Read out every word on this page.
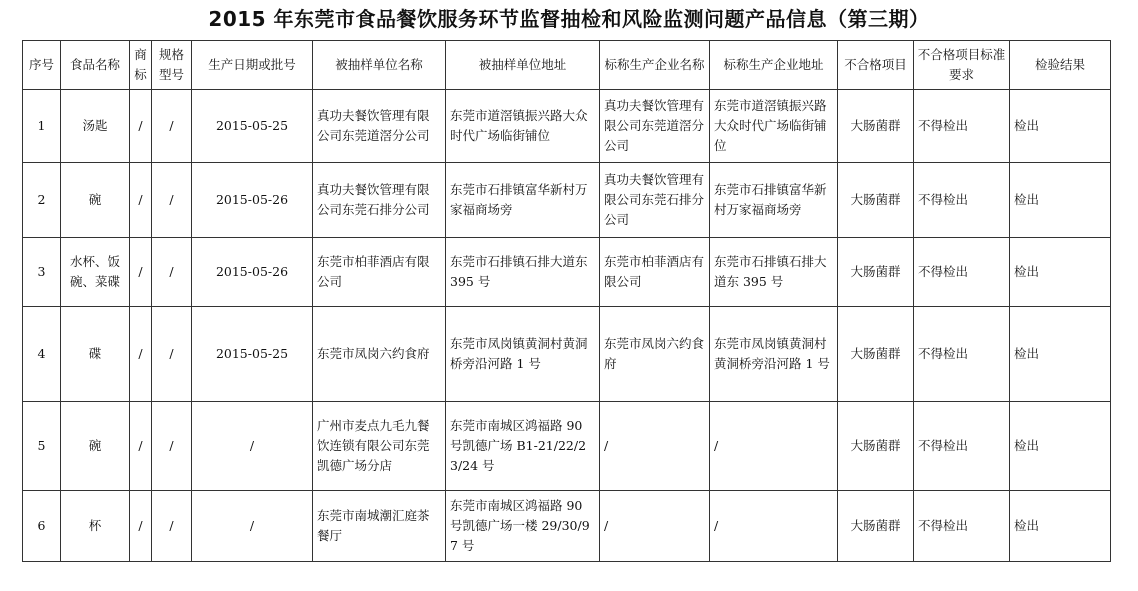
2015 年东莞市食品餐饮服务环节监督抽检和风险监测问题产品信息（第三期）
序号	食品名称	商标	规格型号	生产日期或批号	被抽样单位名称	被抽样单位地址	标称生产企业名称	标称生产企业地址	不合格项目	不合格项目标准要求	检验结果
1	汤匙	/	/	2015-05-25	真功夫餐饮管理有限公司东莞道滘分公司	东莞市道滘镇振兴路大众时代广场临街铺位	真功夫餐饮管理有限公司东莞道滘分公司	东莞市道滘镇振兴路大众时代广场临街铺位	大肠菌群	不得检出	检出
2	碗	/	/	2015-05-26	真功夫餐饮管理有限公司东莞石排分公司	东莞市石排镇富华新村万家福商场旁	真功夫餐饮管理有限公司东莞石排分公司	东莞市石排镇富华新村万家福商场旁	大肠菌群	不得检出	检出
3	水杯、饭碗、菜碟	/	/	2015-05-26	东莞市柏菲酒店有限公司	东莞市石排镇石排大道东 395 号	东莞市柏菲酒店有限公司	东莞市石排镇石排大道东 395 号	大肠菌群	不得检出	检出
4	碟	/	/	2015-05-25	东莞市凤岗六约食府	东莞市凤岗镇黄洞村黄洞桥旁沿河路 1 号	东莞市凤岗六约食府	东莞市凤岗镇黄洞村黄洞桥旁沿河路 1 号	大肠菌群	不得检出	检出
5	碗	/	/	/	广州市麦点九毛九餐饮连锁有限公司东莞凯德广场分店	东莞市南城区鸿福路 90 号凯德广场 B1-21/22/23/24 号	/	/	大肠菌群	不得检出	检出
6	杯	/	/	/	东莞市南城潮汇庭茶餐厅	东莞市南城区鸿福路 90 号凯德广场一楼 29/30/97 号	/	/	大肠菌群	不得检出	检出
